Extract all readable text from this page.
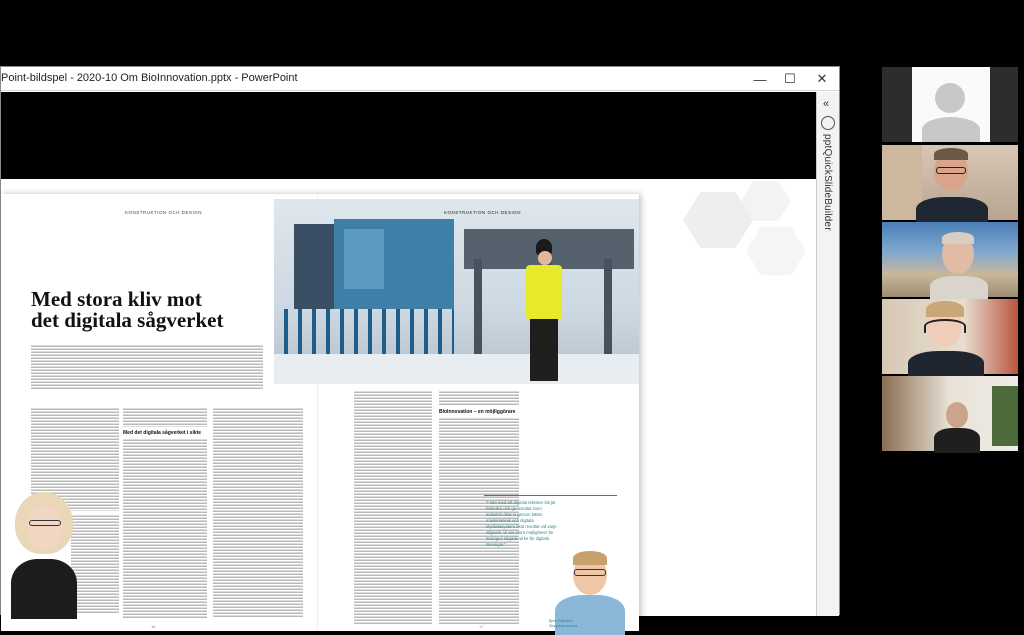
Point-bildspel - 2020-10 Om BioInnovation.pptx - PowerPoint	— ☐ ✕
KONSTRUKTION OCH DESIGN
Med stora kliv mot
det digitala sågverket
Med det digitala sågverket i sikte
16
KONSTRUKTION OCH DESIGN
BioInnovation – en möjliggörare
Björn Källström
Skogsindustrierna
17
”I takt med att digitala tekniker börjar förändra och ge resultat inom industrin ökar vi genom bättre maskinteknik och digitala styrdatasystem ökat resultat vid varje sågverk. Vi ser stora möjligheter för Sveriges sågade virke för digitala lösningar.”
«
pptQuickSlideBuilder
